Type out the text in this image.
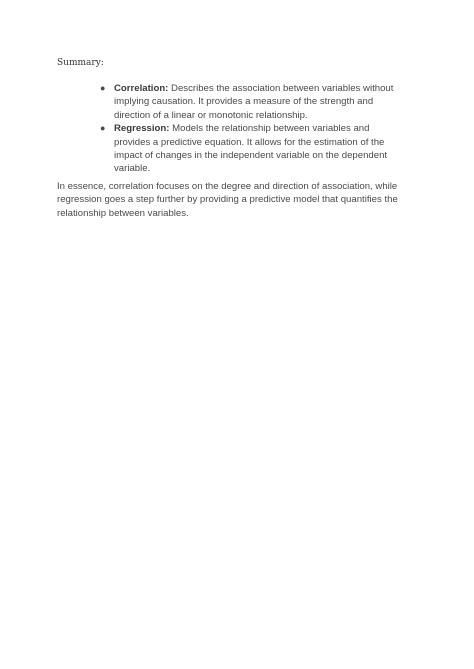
Summary:

● Correlation: Describes the association between variables without implying causation. It provides a measure of the strength and direction of a linear or monotonic relationship.
● Regression: Models the relationship between variables and provides a predictive equation. It allows for the estimation of the impact of changes in the independent variable on the dependent variable.

In essence, correlation focuses on the degree and direction of association, while regression goes a step further by providing a predictive model that quantifies the relationship between variables.
